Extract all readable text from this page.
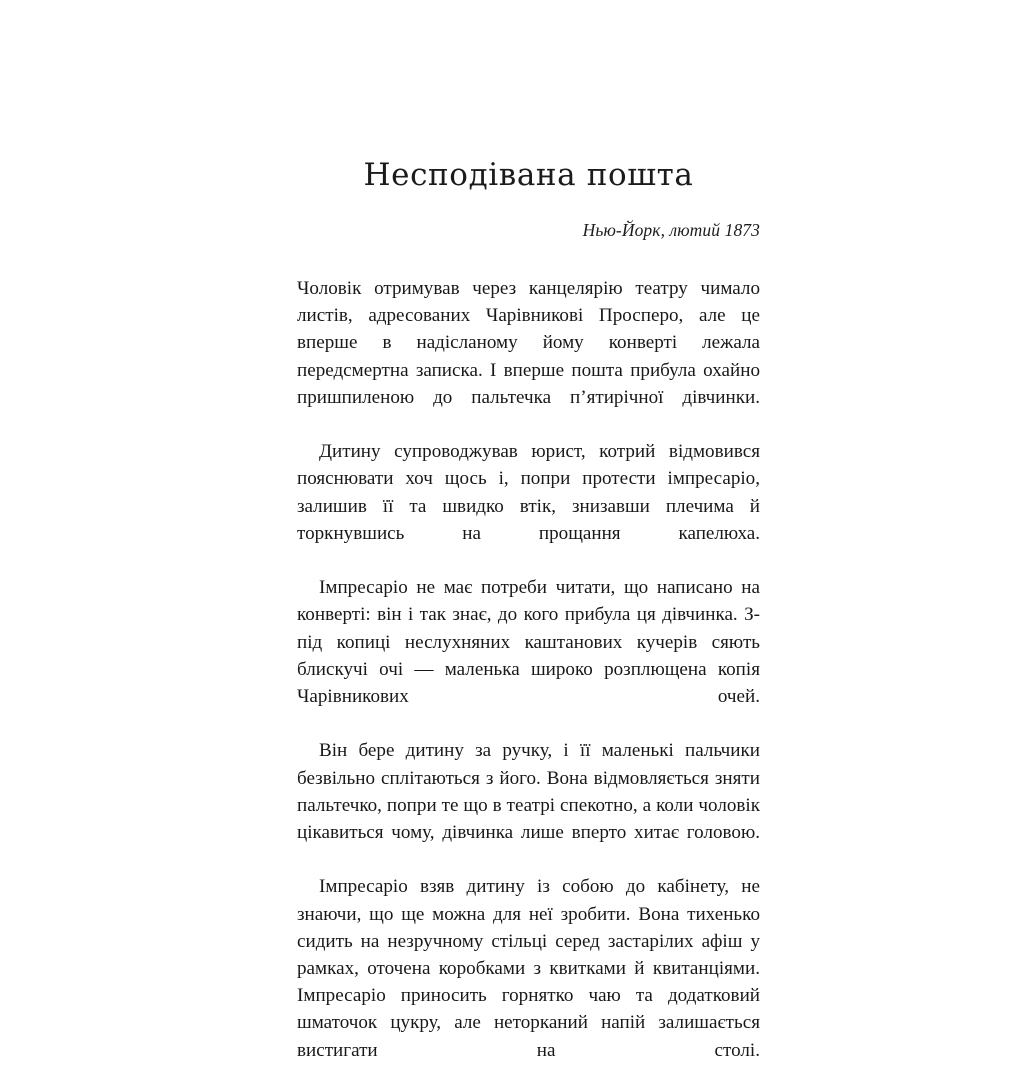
Несподівана пошта

Нью-Йорк, лютий 1873

Чоловік отримував через канцелярію театру чимало листів, адресованих Чарівникові Просперо, але це вперше в надісланому йому конверті лежала передсмертна записка. І вперше пошта прибула охайно пришпиленою до пальтечка п’ятирічної дівчинки.

Дитину супроводжував юрист, котрий відмовився пояснювати хоч щось і, попри протести імпресаріо, залишив її та швидко втік, знизавши плечима й торкнувшись на прощання капелюха.

Імпресаріо не має потреби читати, що написано на конверті: він і так знає, до кого прибула ця дівчинка. З-під копиці неслухняних каштанових кучерів сяють блискучі очі — маленька широко розплющена копія Чарівникових очей.

Він бере дитину за ручку, і її маленькі пальчики безвільно сплітаються з його. Вона відмовляється зняти пальтечко, попри те що в театрі спекотно, а коли чоловік цікавиться чому, дівчинка лише вперто хитає головою.

Імпресаріо взяв дитину із собою до кабінету, не знаючи, що ще можна для неї зробити. Вона тихенько сидить на незручному стільці серед застарілих афіш у рамках, оточена коробками з квитками й квитанціями. Імпресаріо приносить горнятко чаю та додатковий шматочок цукру, але неторканий напій залишається вистигати на столі.
